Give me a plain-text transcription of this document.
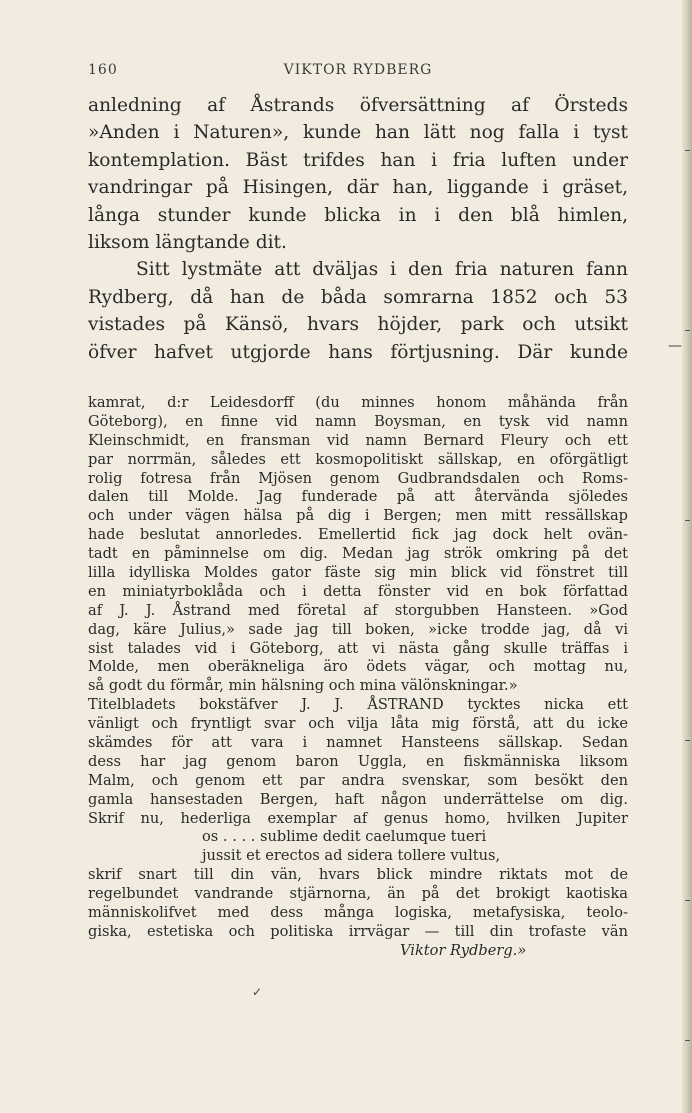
160	VIKTOR RYDBERG
anledning af Åstrands öfversättning af Örsteds
»Anden i Naturen», kunde han lätt nog falla i tyst
kontemplation. Bäst trifdes han i fria luften under
vandringar på Hisingen, där han, liggande i gräset,
långa stunder kunde blicka in i den blå himlen,
liksom längtande dit.
Sitt lystmäte att dväljas i den fria naturen fann
Rydberg, då han de båda somrarna 1852 och 53
vistades på Känsö, hvars höjder, park och utsikt
öfver hafvet utgjorde hans förtjusning. Där kunde
kamrat, d:r Leidesdorff (du minnes honom måhända från
Göteborg), en finne vid namn Boysman, en tysk vid namn
Kleinschmidt, en fransman vid namn Bernard Fleury och ett
par norrmän, således ett kosmopolitiskt sällskap, en oförgätligt
rolig fotresa från Mjösen genom Gudbrandsdalen och Roms-
dalen till Molde. Jag funderade på att återvända sjöledes
och under vägen hälsa på dig i Bergen; men mitt ressällskap
hade beslutat annorledes. Emellertid fick jag dock helt ovän-
tadt en påminnelse om dig. Medan jag strök omkring på det
lilla idylliska Moldes gator fäste sig min blick vid fönstret till
en miniatyrboklåda och i detta fönster vid en bok författad
af J. J. Åstrand med företal af storgubben Hansteen. »God
dag, käre Julius,» sade jag till boken, »icke trodde jag, då vi
sist talades vid i Göteborg, att vi nästa gång skulle träffas i
Molde, men oberäkneliga äro ödets vägar, och mottag nu,
så godt du förmår, min hälsning och mina välönskningar.»
Titelbladets bokstäfver J. J. ÅSTRAND tycktes nicka ett
vänligt och fryntligt svar och vilja låta mig förstå, att du icke
skämdes för att vara i namnet Hansteens sällskap. Sedan
dess har jag genom baron Uggla, en fiskmänniska liksom
Malm, och genom ett par andra svenskar, som besökt den
gamla hansestaden Bergen, haft någon underrättelse om dig.
Skrif nu, hederliga exemplar af genus homo, hvilken Jupiter
os . . . . sublime dedit caelumque tueri
jussit et erectos ad sidera tollere vultus,
skrif snart till din vän, hvars blick mindre riktats mot de
regelbundet vandrande stjärnorna, än på det brokigt kaotiska
människolifvet med dess många logiska, metafysiska, teolo-
giska, estetiska och politiska irrvägar — till din trofaste vän
Viktor Rydberg.»
✓
—
